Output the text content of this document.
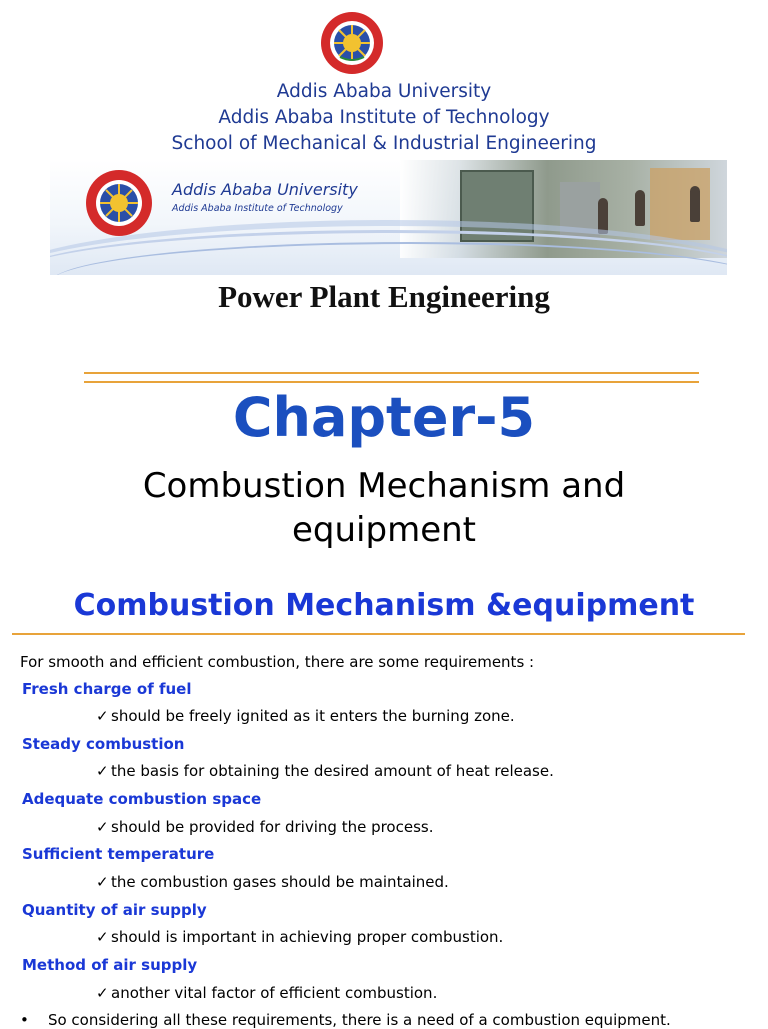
Addis Ababa University
Addis Ababa Institute of Technology
School of Mechanical & Industrial Engineering
Addis Ababa University
Addis Ababa Institute of Technology
Power Plant Engineering
Chapter-5
Combustion Mechanism and
equipment
Combustion Mechanism &equipment
For smooth and efficient combustion, there are some requirements :
Fresh charge of fuel
✓ should be freely ignited as it enters the burning zone.
Steady combustion
✓ the basis for obtaining the desired amount of heat release.
Adequate combustion space
✓ should be provided for driving the process.
Sufficient temperature
✓ the combustion gases should be maintained.
Quantity of air supply
✓ should is important in achieving proper combustion.
Method of air supply
✓ another vital factor of efficient combustion.
• So considering all these requirements, there is a need of a combustion equipment.
